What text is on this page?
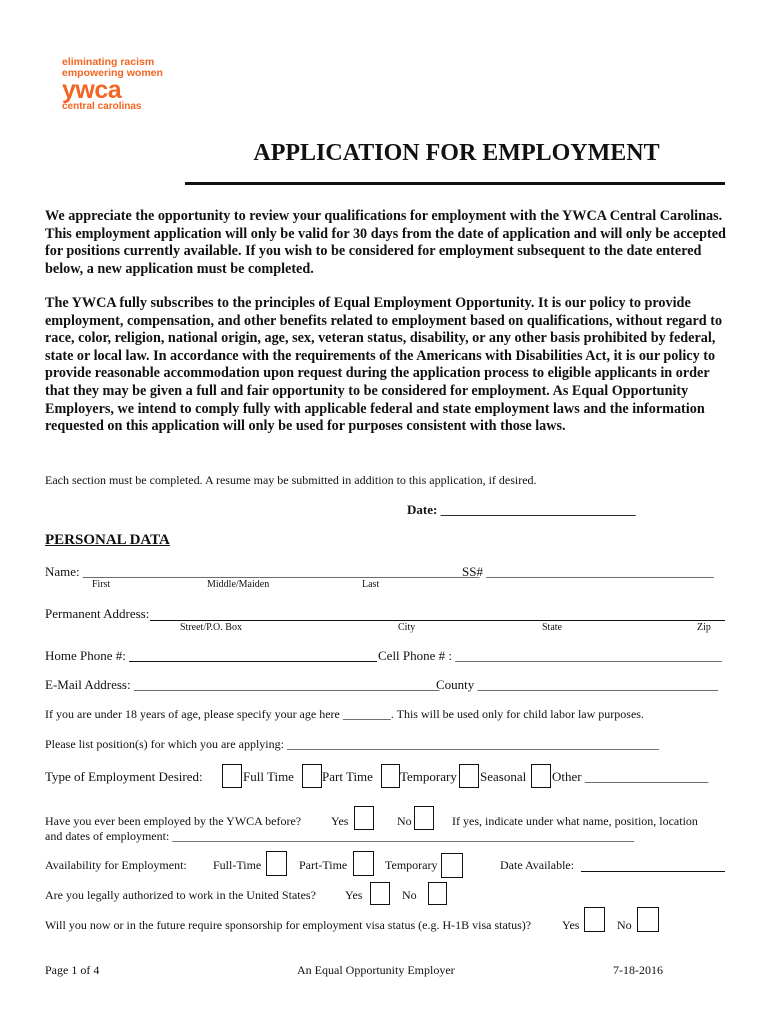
eliminating racism
empowering women
ywca
central carolinas
APPLICATION FOR EMPLOYMENT
We appreciate the opportunity to review your qualifications for employment with the YWCA Central Carolinas. This employment application will only be valid for 30 days from the date of application and will only be accepted for positions currently available. If you wish to be considered for employment subsequent to the date entered below, a new application must be completed.
The YWCA fully subscribes to the principles of Equal Employment Opportunity. It is our policy to provide employment, compensation, and other benefits related to employment based on qualifications, without regard to race, color, religion, national origin, age, sex, veteran status, disability, or any other basis prohibited by federal, state or local law. In accordance with the requirements of the Americans with Disabilities Act, it is our policy to provide reasonable accommodation upon request during the application process to eligible applicants in order that they may be given a full and fair opportunity to be considered for employment. As Equal Opportunity Employers, we intend to comply fully with applicable federal and state employment laws and the information requested on this application will only be used for purposes consistent with those laws.
Each section must be completed. A resume may be submitted in addition to this application, if desired.
Date: ______________________________
PERSONAL DATA
Name: _____________________________________________________________
SS# ___________________________________
First	Middle/Maiden	Last
Permanent Address:
Street/P.O. Box	City	State	Zip
Home Phone #:	Cell Phone # : _________________________________________
E-Mail Address: _______________________________________________
County _____________________________________
If you are under 18 years of age, please specify your age here ________. This will be used only for child labor law purposes.
Please list position(s) for which you are applying: ______________________________________________________________
Type of Employment Desired:	Full Time Part Time Temporary Seasonal Other ___________________
Have you ever been employed by the YWCA before? Yes	No	If yes, indicate under what name, position, location
and dates of employment: _____________________________________________________________________________
Availability for Employment: Full-Time	Part-Time	Temporary	Date Available:
Are you legally authorized to work in the United States? Yes	No
Will you now or in the future require sponsorship for employment visa status (e.g. H-1B visa status)?	Yes	No
Page 1 of 4	An Equal Opportunity Employer	7-18-2016
